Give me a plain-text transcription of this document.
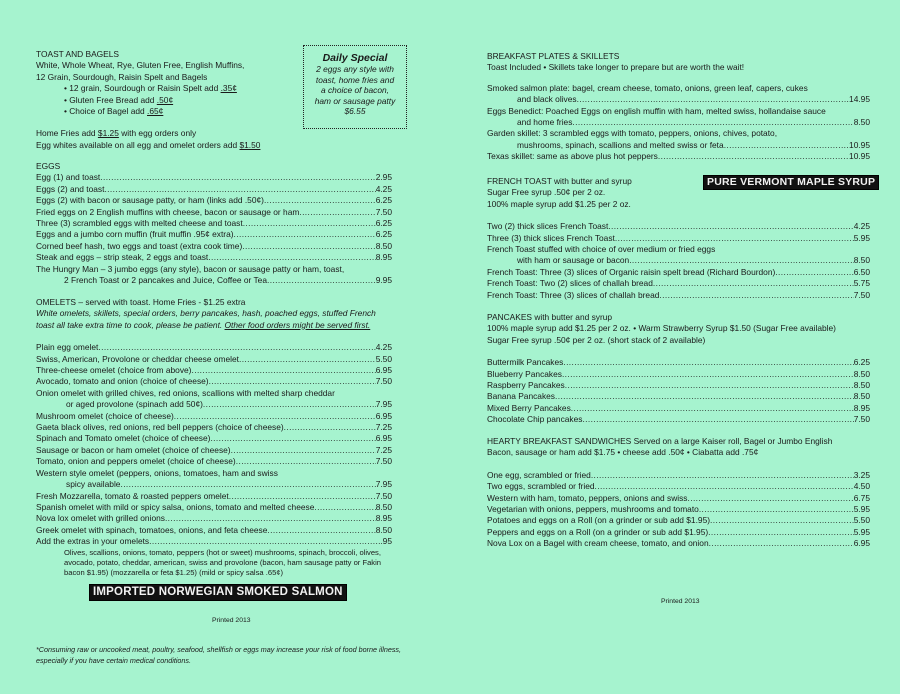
TOAST AND BAGELS
White, Whole Wheat, Rye, Gluten Free, English Muffins,
12 Grain, Sourdough, Raisin Spelt and Bagels
• 12 grain, Sourdough or Raisin Spelt add .35¢
• Gluten Free Bread add .50¢
• Choice of Bagel add .65¢
Home Fries add $1.25 with egg orders only
Egg whites available on all egg and omelet orders add $1.50
Daily Special
2 eggs any style with
toast, home fries and
a choice of bacon,
ham or sausage patty
$6.55
EGGS
Egg (1) and toast .....	2.95
Eggs (2) and toast .....	4.25
Eggs (2) with bacon or sausage patty, or ham (links add .50¢) .....	6.25
Fried eggs on 2 English muffins with cheese, bacon or sausage or ham .....	7.50
Three (3) scrambled eggs with melted cheese and toast .....	6.25
Eggs and a jumbo corn muffin (fruit muffin .95¢ extra) .....	6.25
Corned beef hash, two eggs and toast (extra cook time) .....	8.50
Steak and eggs – strip steak, 2 eggs and toast .....	8.95
The Hungry Man – 3 jumbo eggs (any style), bacon or sausage patty or ham, toast,
2 French Toast or 2 pancakes and Juice, Coffee or Tea .....	9.95
OMELETS – served with toast. Home Fries - $1.25 extra
White omelets, skillets, special orders, berry pancakes, hash, poached eggs, stuffed French
toast all take extra time to cook, please be patient. Other food orders might be served first.
Plain egg omelet .....	4.25
Swiss, American, Provolone or cheddar cheese omelet .....	5.50
Three-cheese omelet (choice from above) .....	6.95
Avocado, tomato and onion (choice of cheese) .....	7.50
Onion omelet with grilled chives, red onions, scallions with melted sharp cheddar
or aged provolone (spinach add 50¢) .....	7.95
Mushroom omelet (choice of cheese) .....	6.95
Gaeta black olives, red onions, red bell peppers (choice of cheese) .....	7.25
Spinach and Tomato omelet (choice of cheese) .....	6.95
Sausage or bacon or ham omelet (choice of cheese) .....	7.25
Tomato, onion and peppers omelet (choice of cheese) .....	7.50
Western style omelet (peppers, onions, tomatoes, ham and swiss
spicy available .....	7.95
Fresh Mozzarella, tomato & roasted peppers omelet .....	7.50
Spanish omelet with mild or spicy salsa, onions, tomato and melted cheese .....	8.50
Nova lox omelet with grilled onions .....	8.95
Greek omelet with spinach, tomatoes, onions, and feta cheese .....	8.50
Add the extras in your omelets .....	.95
Olives, scallions, onions, tomato, peppers (hot or sweet) mushrooms, spinach, broccoli, olives,
avocado, potato, cheddar, american, swiss and provolone (bacon, ham sausage patty or Fakin
bacon $1.95) (mozzarella or feta $1.25) (mild or spicy salsa .65¢)
IMPORTED NORWEGIAN SMOKED SALMON
Printed 2013
*Consuming raw or uncooked meat, poultry, seafood, shellfish or eggs may increase your risk of food borne illness,
especially if you have certain medical conditions.
BREAKFAST PLATES & SKILLETS
Toast Included • Skillets take longer to prepare but are worth the wait!
Smoked salmon plate: bagel, cream cheese, tomato, onions, green leaf, capers, cukes
and black olives .....	14.95
Eggs Benedict: Poached Eggs on english muffin with ham, melted swiss, hollandaise sauce
and home fries .....	8.50
Garden skillet: 3 scrambled eggs with tomato, peppers, onions, chives, potato,
mushrooms, spinach, scallions and melted swiss or feta .....	10.95
Texas skillet: same as above plus hot peppers .....	10.95
FRENCH TOAST with butter and syrup	PURE VERMONT MAPLE SYRUP
Sugar Free syrup .50¢ per 2 oz.
100% maple syrup add $1.25 per 2 oz.
Two (2) thick slices French Toast .....	4.25
Three (3) thick slices French Toast .....	5.95
French Toast stuffed with choice of over medium or fried eggs
with ham or sausage or bacon .....	8.50
French Toast: Three (3) slices of Organic raisin spelt bread (Richard Bourdon) .....	6.50
French Toast: Two (2) slices of challah bread .....	5.75
French Toast: Three (3) slices of challah bread .....	7.50
PANCAKES with butter and syrup
100% maple syrup add $1.25 per 2 oz. • Warm Strawberry Syrup $1.50 (Sugar Free available)
Sugar Free syrup .50¢ per 2 oz. (short stack of 2 available)
Buttermilk Pancakes .....	6.25
Blueberry Pancakes .....	8.50
Raspberry Pancakes .....	8.50
Banana Pancakes .....	8.50
Mixed Berry Pancakes .....	8.95
Chocolate Chip pancakes .....	7.50
HEARTY BREAKFAST SANDWICHES Served on a large Kaiser roll, Bagel or Jumbo English
Bacon, sausage or ham add $1.75 • cheese add .50¢ • Ciabatta add .75¢
One egg, scrambled or fried .....	3.25
Two eggs, scrambled or fried .....	4.50
Western with ham, tomato, peppers, onions and swiss .....	6.75
Vegetarian with onions, peppers, mushrooms and tomato .....	5.95
Potatoes and eggs on a Roll (on a grinder or sub add $1.95) .....	5.50
Peppers and eggs on a Roll (on a grinder or sub add $1.95) .....	5.95
Nova Lox on a Bagel with cream cheese, tomato, and onion .....	6.95
Printed 2013
